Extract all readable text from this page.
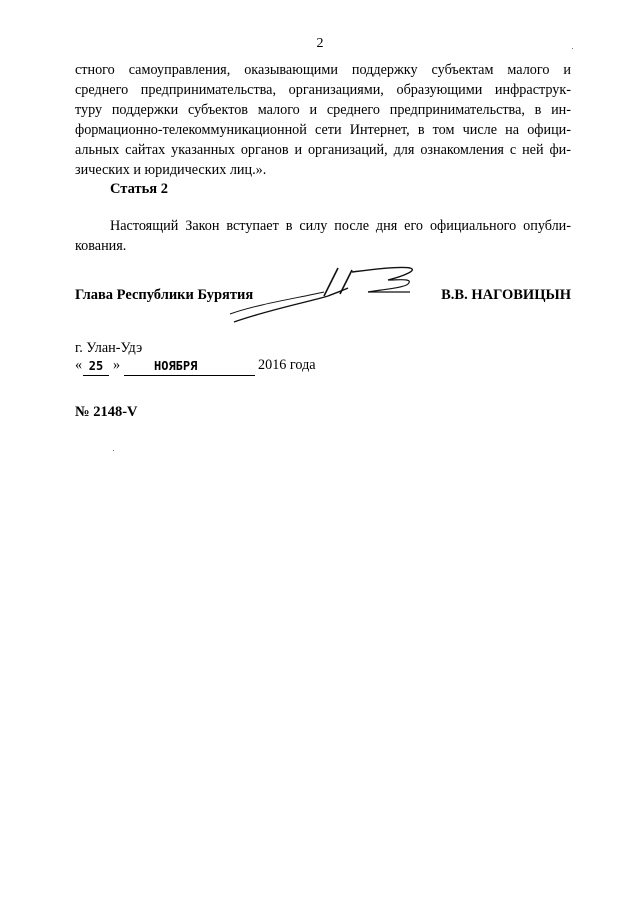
2
стного самоуправления, оказывающими поддержку субъектам малого и
среднего предпринимательства, организациями, образующими инфраструк-
туру поддержки субъектов малого и среднего предпринимательства, в ин-
формационно-телекоммуникационной сети Интернет, в том числе на офици-
альных сайтах указанных органов и организаций, для ознакомления с ней фи-
зических и юридических лиц.».
Статья 2
Настоящий Закон вступает в силу после дня его официального опубли-
кования.
Глава Республики Бурятия	В.В. НАГОВИЦЫН
г. Улан-Удэ
« 25 »	НОЯБРЯ	2016 года
№ 2148-V
